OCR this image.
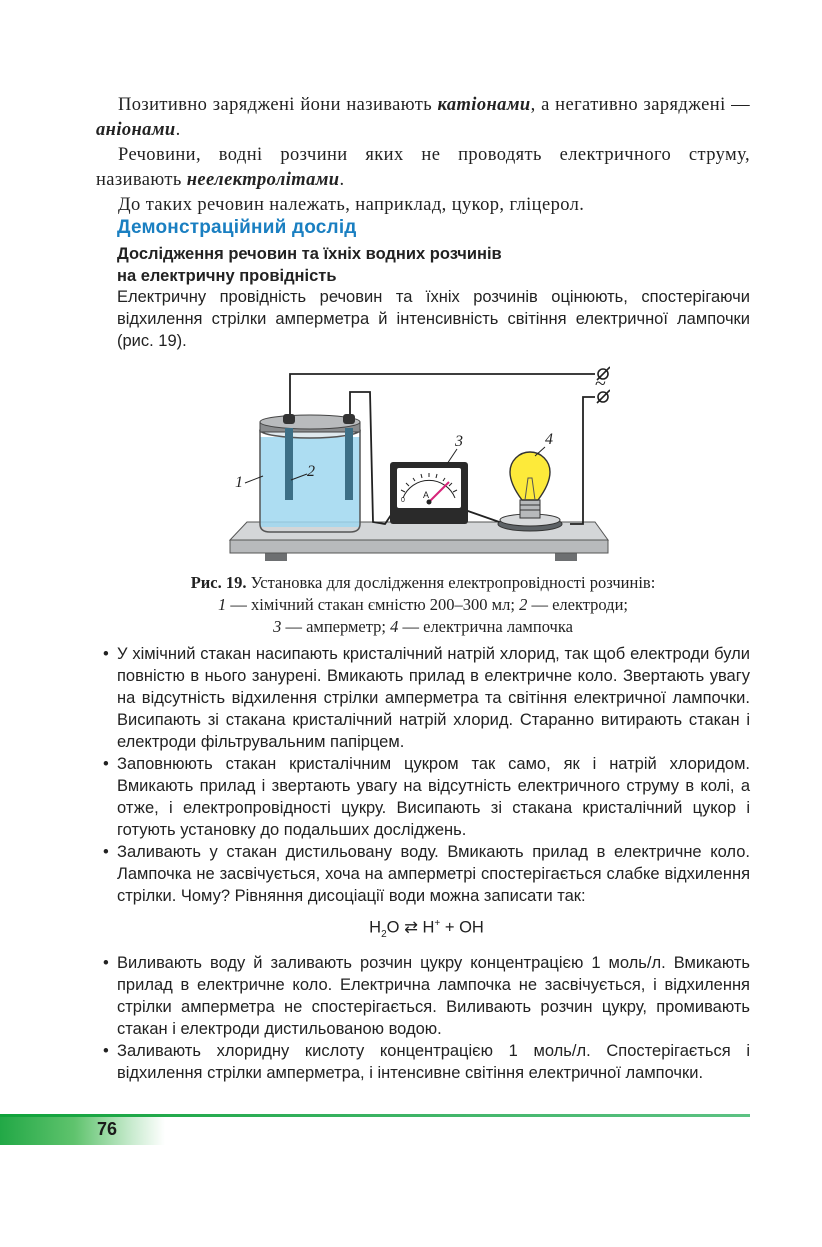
Позитивно заряджені йони називають катіонами, а негативно заряджені — аніонами.

Речовини, водні розчини яких не проводять електричного струму, називають неелектролітами.

До таких речовин належать, наприклад, цукор, гліцерол.

Демонстраційний дослід
Дослідження речовин та їхніх водних розчинів
на електричну провідність
Електричну провідність речовин та їхніх розчинів оцінюють, спостерігаючи відхилення стрілки амперметра й інтенсивність світіння електричної лампочки (рис. 19).
~
1
2
A
0
3	4
Рис. 19. Установка для дослідження електропровідності розчинів:
1 — хімічний стакан ємністю 200–300 мл; 2 — електроди;
3 — амперметр; 4 — електрична лампочка

• У хімічний стакан насипають кристалічний натрій хлорид, так щоб електроди були повністю в нього занурені. Вмикають прилад в електричне коло. Звертають увагу на відсутність відхилення стрілки амперметра та світіння електричної лампочки. Висипають зі стакана кристалічний натрій хлорид. Старанно витирають стакан і електроди фільтрувальним папірцем.

• Заповнюють стакан кристалічним цукром так само, як і натрій хлоридом. Вмикають прилад і звертають увагу на відсутність електричного струму в колі, а отже, і електропровідності цукру. Висипають зі стакана кристалічний цукор і готують установку до подальших досліджень.

• Заливають у стакан дистильовану воду. Вмикають прилад в електричне коло. Лампочка не засвічується, хоча на амперметрі спостерігається слабке відхилення стрілки. Чому? Рівняння дисоціації води можна записати так:

$H_2O$ ⇄ H+ + OH

• Виливають воду й заливають розчин цукру концентрацією 1 моль/л. Вмикають прилад в електричне коло. Електрична лампочка не засвічується, і відхилення стрілки амперметра не спостерігається. Виливають розчин цукру, промивають стакан і електроди дистильованою водою.

• Заливають хлоридну кислоту концентрацією 1 моль/л. Спостерігається і відхилення стрілки амперметра, і інтенсивне світіння електричної лампочки.

76
